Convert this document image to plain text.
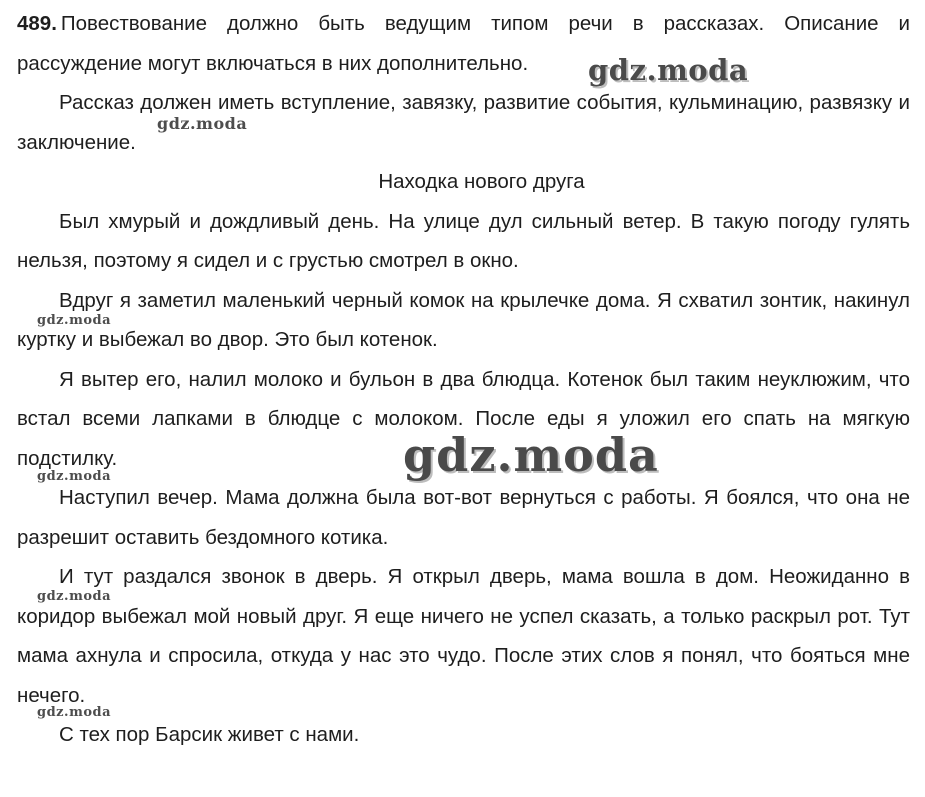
489. Повествование должно быть ведущим типом речи в рассказах. Описание и рассуждение могут включаться в них дополнительно.

Рассказ должен иметь вступление, завязку, развитие события, кульминацию, развязку и заключение.

Находка нового друга

Был хмурый и дождливый день. На улице дул сильный ветер. В такую погоду гулять нельзя, поэтому я сидел и с грустью смотрел в окно.

Вдруг я заметил маленький черный комок на крылечке дома. Я схватил зонтик, накинул куртку и выбежал во двор. Это был котенок.

Я вытер его, налил молоко и бульон в два блюдца. Котенок был таким неуклюжим, что встал всеми лапками в блюдце с молоком. После еды я уложил его спать на мягкую подстилку.

Наступил вечер. Мама должна была вот-вот вернуться с работы. Я боялся, что она не разрешит оставить бездомного котика.

И тут раздался звонок в дверь. Я открыл дверь, мама вошла в дом. Неожиданно в коридор выбежал мой новый друг. Я еще ничего не успел сказать, а только раскрыл рот. Тут мама ахнула и спросила, откуда у нас это чудо. После этих слов я понял, что бояться мне нечего.

С тех пор Барсик живет с нами.

gdz.moda
gdz.moda
gdz.moda
gdz.moda
gdz.moda
gdz.moda
gdz.moda
